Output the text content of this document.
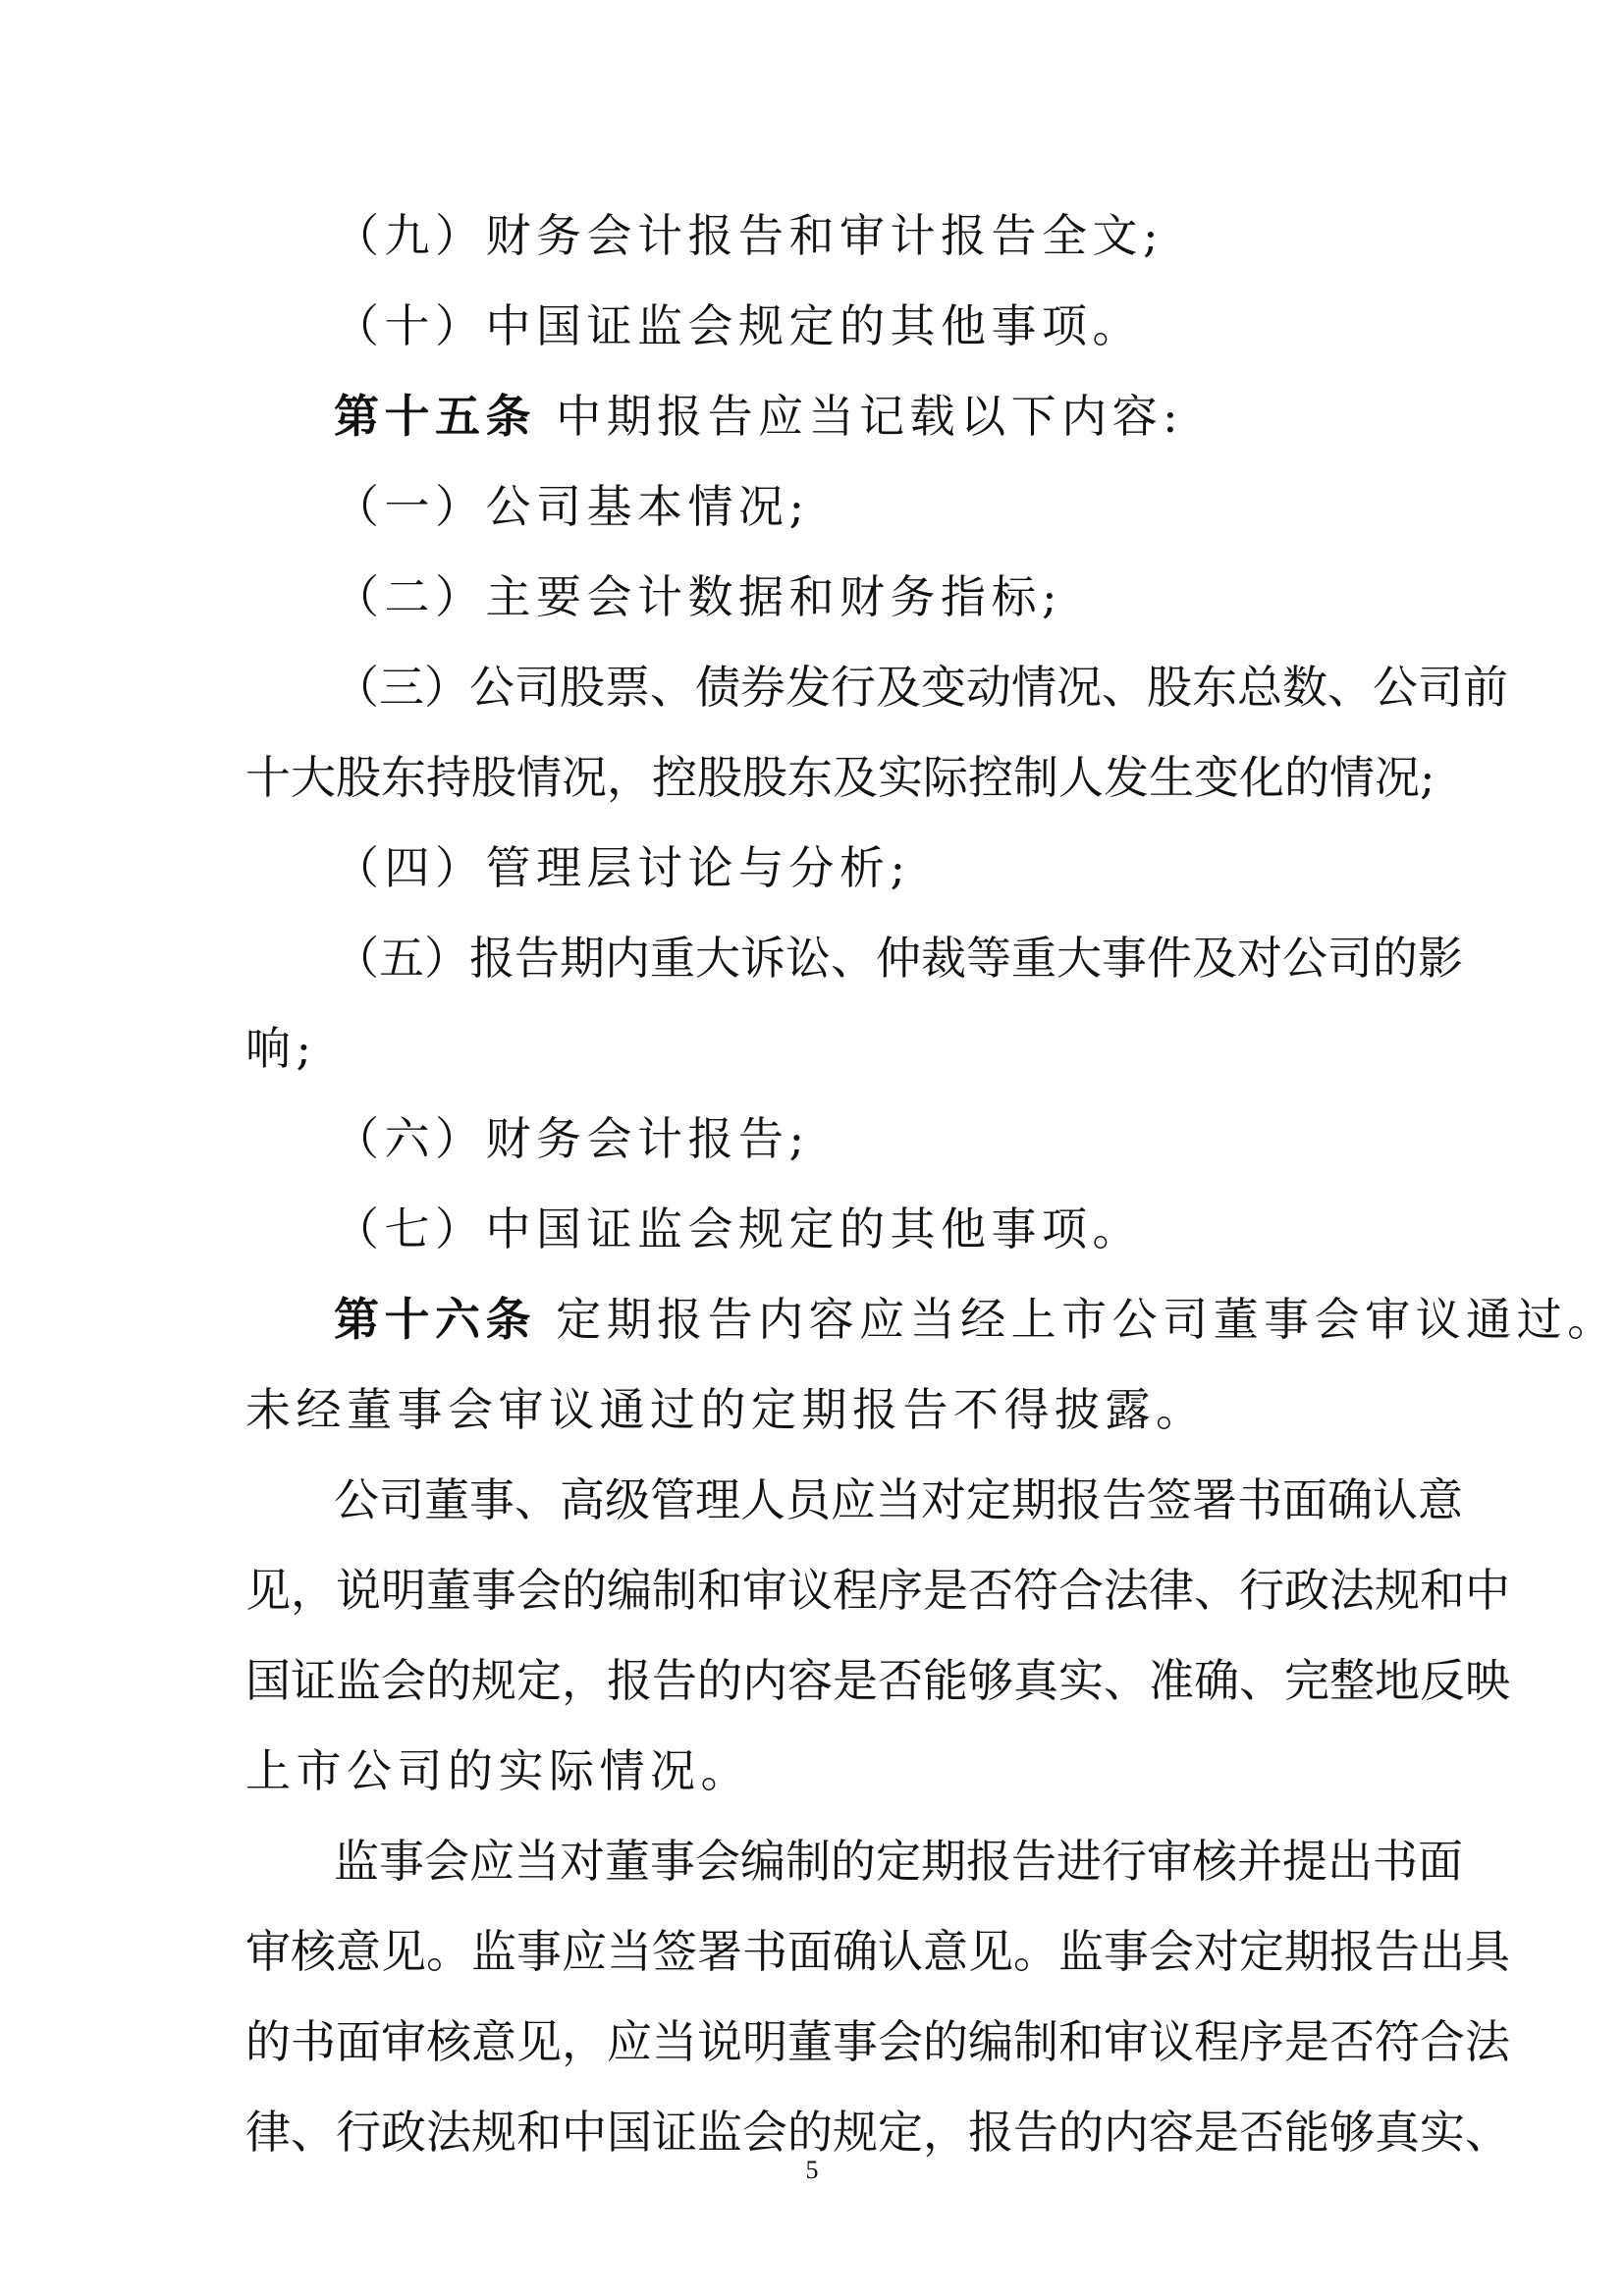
（九）财务会计报告和审计报告全文;
（十）中国证监会规定的其他事项。
第十五条 中期报告应当记载以下内容:
（一）公司基本情况;
（二）主要会计数据和财务指标;
（三）公司股票、债券发行及变动情况、股东总数、公司前
十大股东持股情况，控股股东及实际控制人发生变化的情况;
（四）管理层讨论与分析;
（五）报告期内重大诉讼、仲裁等重大事件及对公司的影
响;
（六）财务会计报告;
（七）中国证监会规定的其他事项。
第十六条 定期报告内容应当经上市公司董事会审议通过。
未经董事会审议通过的定期报告不得披露。
公司董事、高级管理人员应当对定期报告签署书面确认意
见，说明董事会的编制和审议程序是否符合法律、行政法规和中
国证监会的规定，报告的内容是否能够真实、准确、完整地反映
上市公司的实际情况。
监事会应当对董事会编制的定期报告进行审核并提出书面
审核意见。监事应当签署书面确认意见。监事会对定期报告出具
的书面审核意见，应当说明董事会的编制和审议程序是否符合法
律、行政法规和中国证监会的规定，报告的内容是否能够真实、
5
